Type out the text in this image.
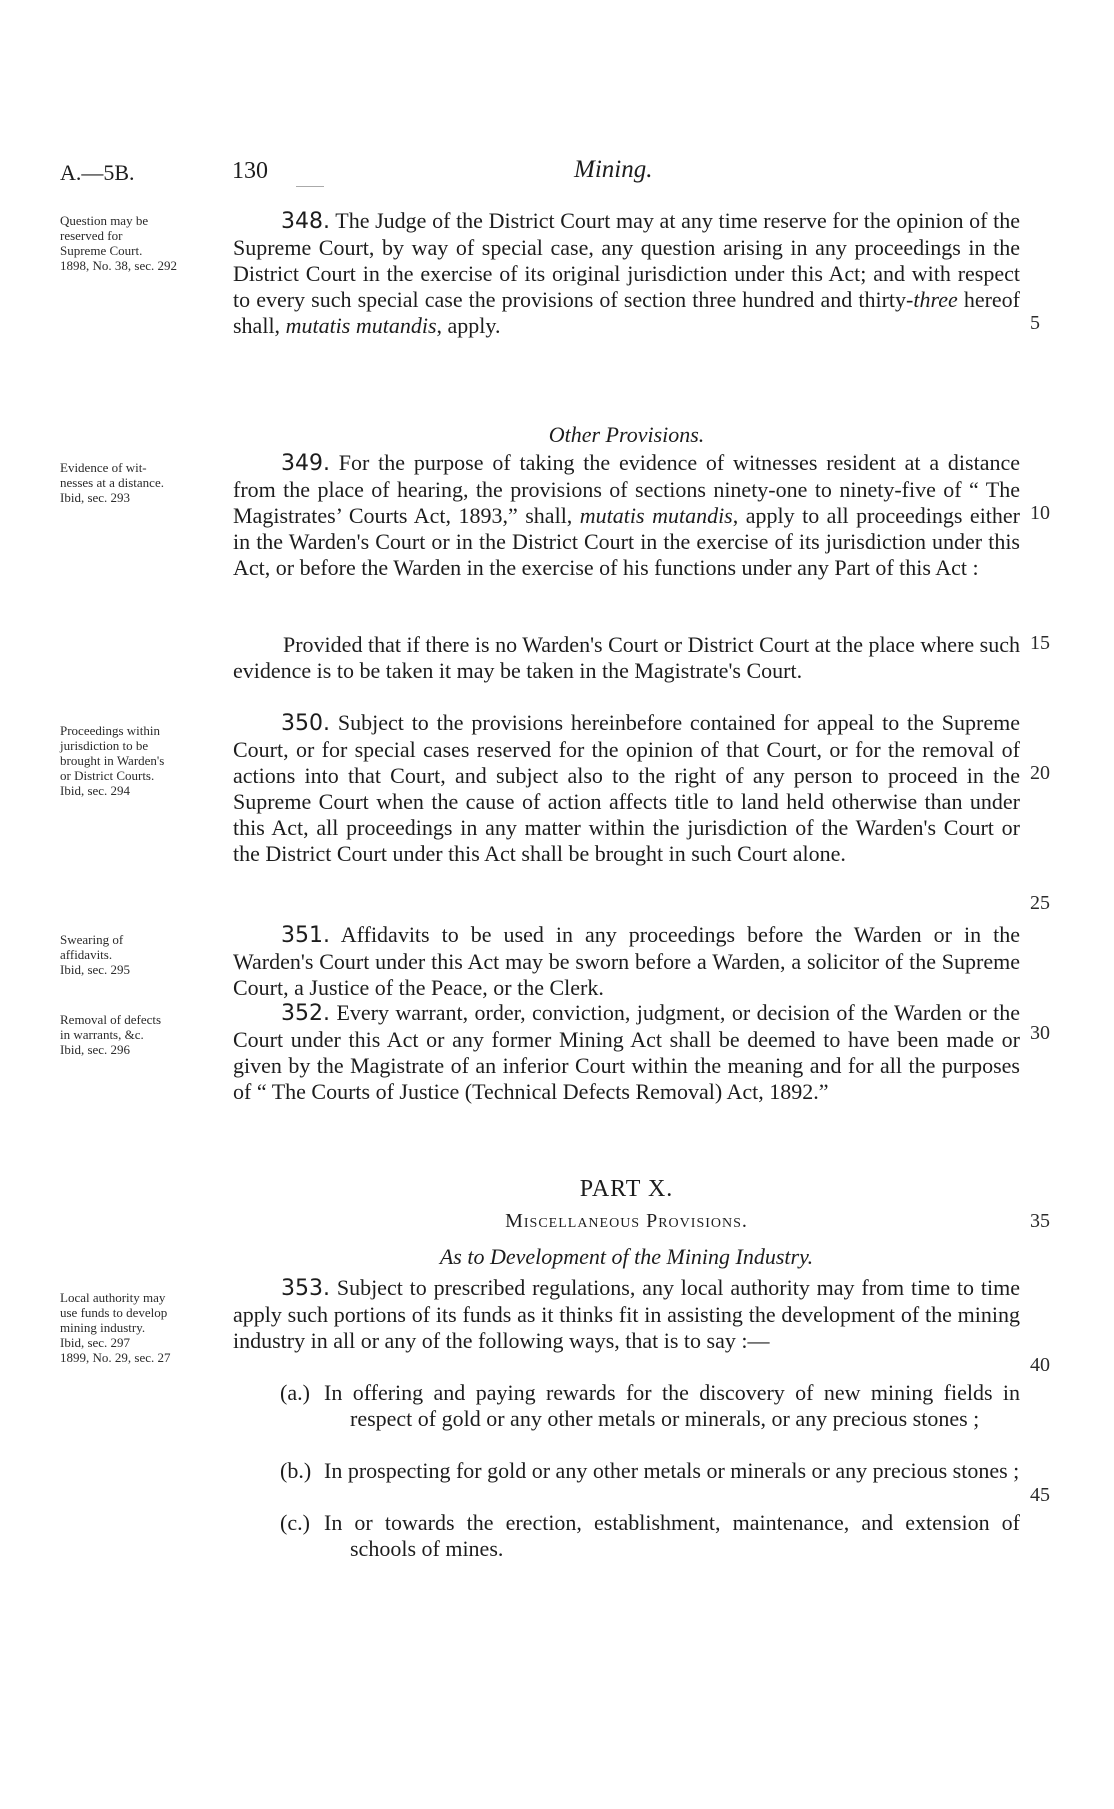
A.—5B.	130	Mining.
Question may be
reserved for
Supreme Court.
1898, No. 38, sec. 292
Evidence of wit-
nesses at a distance.
Ibid, sec. 293
Proceedings within
jurisdiction to be
brought in Warden's
or District Courts.
Ibid, sec. 294
Swearing of
affidavits.
Ibid, sec. 295
Removal of defects
in warrants, &c.
Ibid, sec. 296
Local authority may
use funds to develop
mining industry.
Ibid, sec. 297
1899, No. 29, sec. 27
348. The Judge of the District Court may at any time reserve for the opinion of the Supreme Court, by way of special case, any question arising in any proceedings in the District Court in the exercise of its original jurisdiction under this Act; and with respect to every such special case the provisions of section three hundred and thirty-three hereof shall, mutatis mutandis, apply.
Other Provisions.
349. For the purpose of taking the evidence of witnesses resident at a distance from the place of hearing, the provisions of sections ninety-one to ninety-five of “ The Magistrates’ Courts Act, 1893,” shall, mutatis mutandis, apply to all proceedings either in the Warden's Court or in the District Court in the exercise of its jurisdiction under this Act, or before the Warden in the exercise of his functions under any Part of this Act :
Provided that if there is no Warden's Court or District Court at the place where such evidence is to be taken it may be taken in the Magistrate's Court.
350. Subject to the provisions hereinbefore contained for appeal to the Supreme Court, or for special cases reserved for the opinion of that Court, or for the removal of actions into that Court, and subject also to the right of any person to proceed in the Supreme Court when the cause of action affects title to land held otherwise than under this Act, all proceedings in any matter within the jurisdiction of the Warden's Court or the District Court under this Act shall be brought in such Court alone.
351. Affidavits to be used in any proceedings before the Warden or in the Warden's Court under this Act may be sworn before a Warden, a solicitor of the Supreme Court, a Justice of the Peace, or the Clerk.
352. Every warrant, order, conviction, judgment, or decision of the Warden or the Court under this Act or any former Mining Act shall be deemed to have been made or given by the Magistrate of an inferior Court within the meaning and for all the purposes of “ The Courts of Justice (Technical Defects Removal) Act, 1892.”
PART X.
Miscellaneous Provisions.
As to Development of the Mining Industry.
353. Subject to prescribed regulations, any local authority may from time to time apply such portions of its funds as it thinks fit in assisting the development of the mining industry in all or any of the following ways, that is to say :—
(a.) In offering and paying rewards for the discovery of new mining fields in respect of gold or any other metals or minerals, or any precious stones ;
(b.) In prospecting for gold or any other metals or minerals or any precious stones ;
(c.) In or towards the erection, establishment, maintenance, and extension of schools of mines.
5
10
15
20
25
30
35
40
45
